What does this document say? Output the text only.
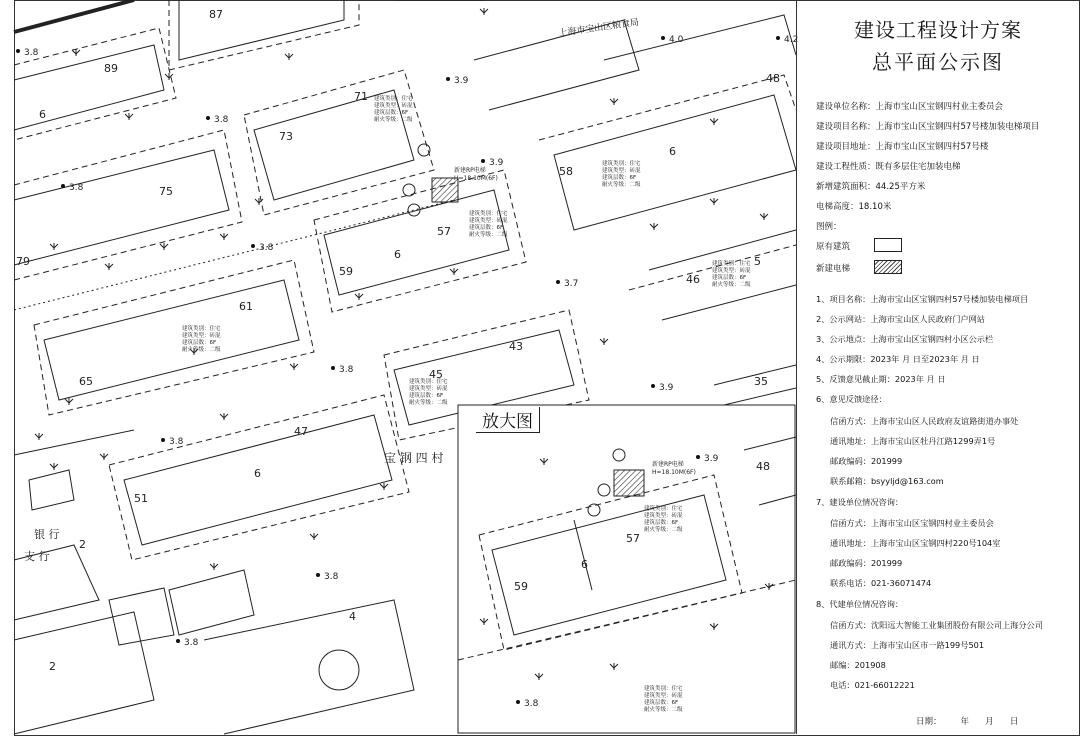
87
89
73
71
75
79
61
65
59
57
47
45
43
51
58
48
46
35
6
6
6
6
5
4
2
2
59
57
48
6
3.8
3.8
3.9
3.9
4.0
3.8
3.8
3.7
3.8
3.9
3.8
3.8
3.8
3.9
3.8
4.2
上海市宝山区粮食局
宝 钢 四 村
银 行
支 行
新建RP电梯
H=18.10M(6F)
新建RP电梯
H=18.10M(6F)
建筑类别：住宅
建筑类型：砖混
建筑层数：6F
耐火等级：二级
建筑类别：住宅
建筑类型：砖混
建筑层数：6F
耐火等级：二级
建筑类别：住宅
建筑类型：砖混
建筑层数：6F
耐火等级：二级
建筑类别：住宅
建筑类型：砖混
建筑层数：6F
耐火等级：二级
建筑类别：住宅
建筑类型：砖混
建筑层数：6F
耐火等级：二级
建筑类别：住宅
建筑类型：砖混
建筑层数：6F
耐火等级：二级
建筑类别：住宅
建筑类型：砖混
建筑层数：6F
耐火等级：二级
建筑类别：住宅
建筑类型：砖混
建筑层数：6F
耐火等级：二级
放大图
建设工程设计方案
总平面公示图
建设单位名称：上海市宝山区宝钢四村业主委员会
建设项目名称：上海市宝山区宝钢四村57号楼加装电梯项目
建设项目地址：上海市宝山区宝钢四村57号楼
建设工程性质：既有多层住宅加装电梯
新增建筑面积：44.25平方米
电梯高度：18.10米
图例：
原有建筑
新建电梯
1、项目名称：上海市宝山区宝钢四村57号楼加装电梯项目
2、公示网站：上海市宝山区人民政府门户网站
3、公示地点：上海市宝山区宝钢四村小区公示栏
4、公示期限：2023年 月 日至2023年 月 日
5、反馈意见截止期：2023年 月 日
6、意见反馈途径：
信函方式：上海市宝山区人民政府友谊路街道办事处
通讯地址：上海市宝山区牡丹江路1299弄1号
邮政编码：201999
联系邮箱：bsyyljd@163.com
7、建设单位情况咨询：
信函方式：上海市宝山区宝钢四村业主委员会
通讯地址：上海市宝山区宝钢四村220号104室
邮政编码：201999
联系电话：021-36071474
8、代建单位情况咨询：
信函方式：沈阳远大智能工业集团股份有限公司上海分公司
通讯方式：上海市宝山区市一路199号501
邮编：201908
电话：021-66012221
日期： 年 月 日
